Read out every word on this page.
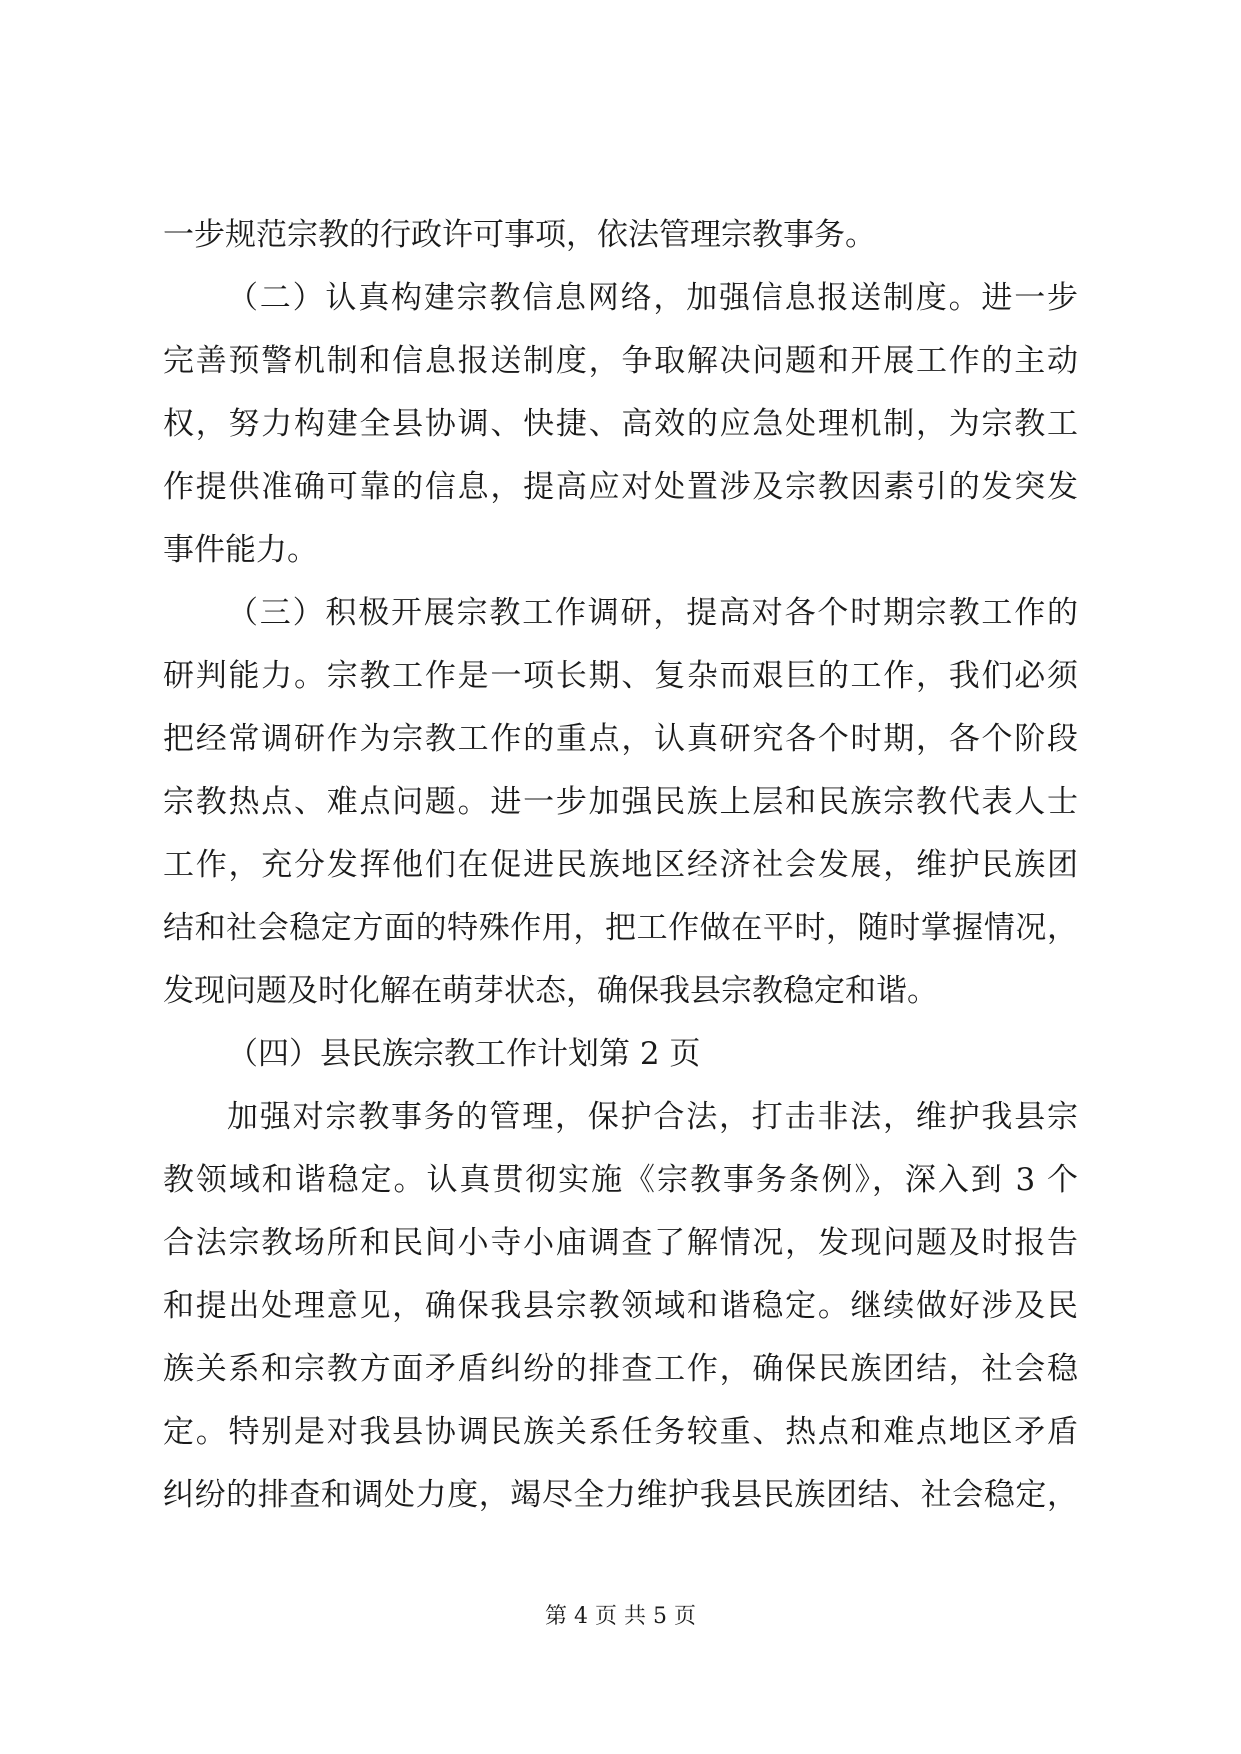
一步规范宗教的行政许可事项，依法管理宗教事务。
（二）认真构建宗教信息网络，加强信息报送制度。进一步
完善预警机制和信息报送制度，争取解决问题和开展工作的主动
权，努力构建全县协调、快捷、高效的应急处理机制，为宗教工
作提供准确可靠的信息，提高应对处置涉及宗教因素引的发突发
事件能力。
（三）积极开展宗教工作调研，提高对各个时期宗教工作的
研判能力。宗教工作是一项长期、复杂而艰巨的工作，我们必须
把经常调研作为宗教工作的重点，认真研究各个时期，各个阶段
宗教热点、难点问题。进一步加强民族上层和民族宗教代表人士
工作，充分发挥他们在促进民族地区经济社会发展，维护民族团
结和社会稳定方面的特殊作用，把工作做在平时，随时掌握情况，
发现问题及时化解在萌芽状态，确保我县宗教稳定和谐。
（四）县民族宗教工作计划第 2 页
加强对宗教事务的管理，保护合法，打击非法，维护我县宗
教领域和谐稳定。认真贯彻实施《宗教事务条例》，深入到 3 个
合法宗教场所和民间小寺小庙调查了解情况，发现问题及时报告
和提出处理意见，确保我县宗教领域和谐稳定。继续做好涉及民
族关系和宗教方面矛盾纠纷的排查工作，确保民族团结，社会稳
定。特别是对我县协调民族关系任务较重、热点和难点地区矛盾
纠纷的排查和调处力度，竭尽全力维护我县民族团结、社会稳定，
第 4 页 共 5 页
